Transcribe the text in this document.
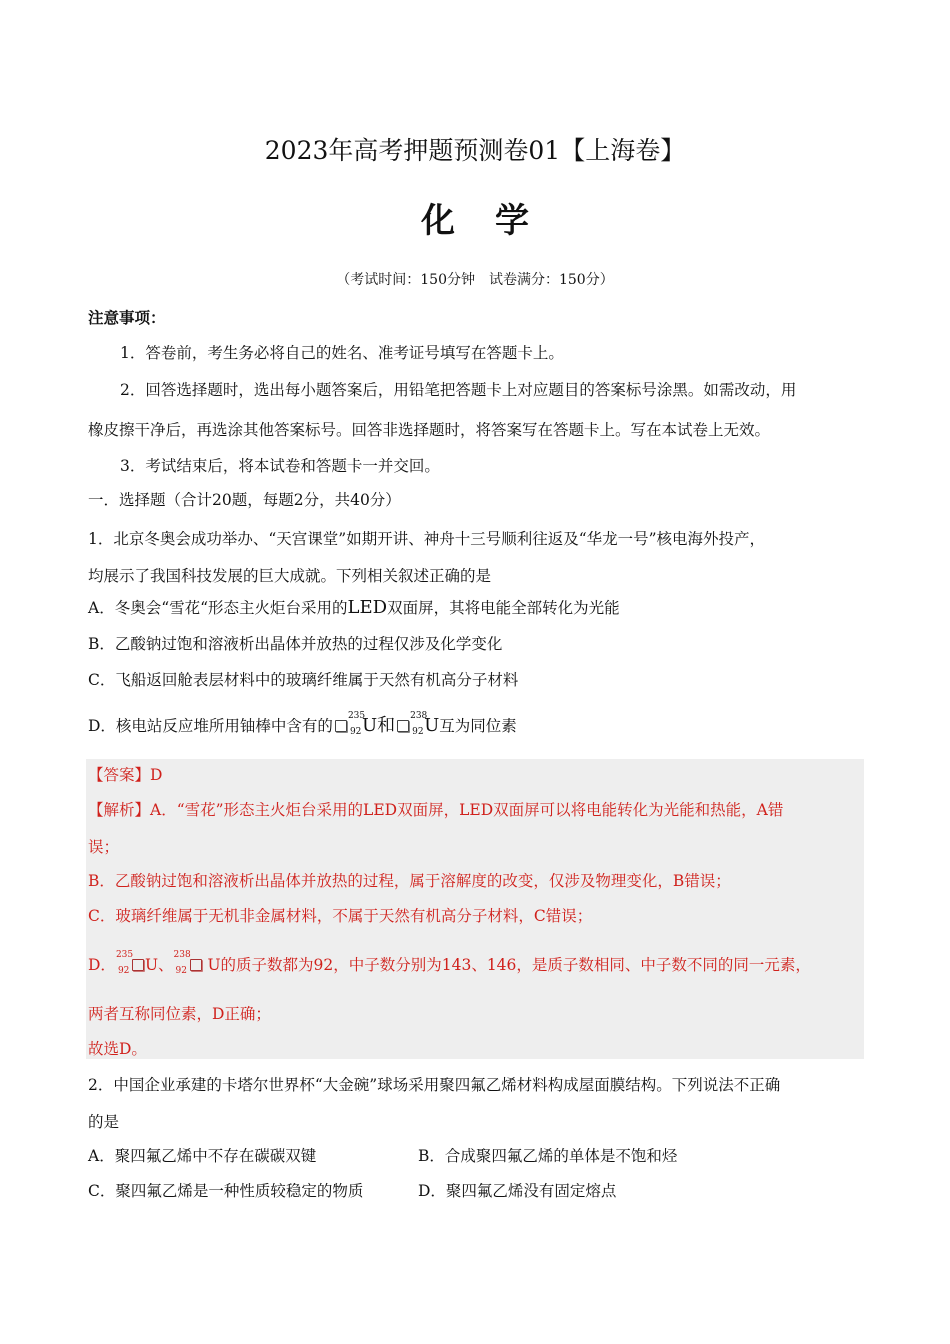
2023年高考押题预测卷01【上海卷】
化学
（考试时间：150分钟　试卷满分：150分）
注意事项：
1．答卷前，考生务必将自己的姓名、准考证号填写在答题卡上。
2．回答选择题时，选出每小题答案后，用铅笔把答题卡上对应题目的答案标号涂黑。如需改动，用
橡皮擦干净后，再选涂其他答案标号。回答非选择题时，将答案写在答题卡上。写在本试卷上无效。
3．考试结束后，将本试卷和答题卡一并交回。
一．选择题（合计20题，每题2分，共40分）
1．北京冬奥会成功举办、“天宫课堂”如期开讲、神舟十三号顺利往返及“华龙一号”核电海外投产，
均展示了我国科技发展的巨大成就。下列相关叙述正确的是
A．冬奥会“雪花“形态主火炬台采用的LED双面屏，其将电能全部转化为光能
B．乙酸钠过饱和溶液析出晶体并放热的过程仅涉及化学变化
C．飞船返回舱表层材料中的玻璃纤维属于天然有机高分子材料
D．核电站反应堆所用铀棒中含有的
235
92 U和 238
92 U互为同位素
【答案】D
【解析】A．“雪花”形态主火炬台采用的LED双面屏，LED双面屏可以将电能转化为光能和热能，A错
误；
B．乙酸钠过饱和溶液析出晶体并放热的过程，属于溶解度的改变，仅涉及物理变化，B错误；
C．玻璃纤维属于无机非金属材料，不属于天然有机高分子材料，C错误；
D．
235
92 U、
238
92 U的质子数都为92，中子数分别为143、146，是质子数相同、中子数不同的同一元素，
两者互称同位素，D正确；
故选D。
2．中国企业承建的卡塔尔世界杯“大金碗”球场采用聚四氟乙烯材料构成屋面膜结构。下列说法不正确
的是
A．聚四氟乙烯中不存在碳碳双键	B．合成聚四氟乙烯的单体是不饱和烃
C．聚四氟乙烯是一种性质较稳定的物质	D．聚四氟乙烯没有固定熔点
